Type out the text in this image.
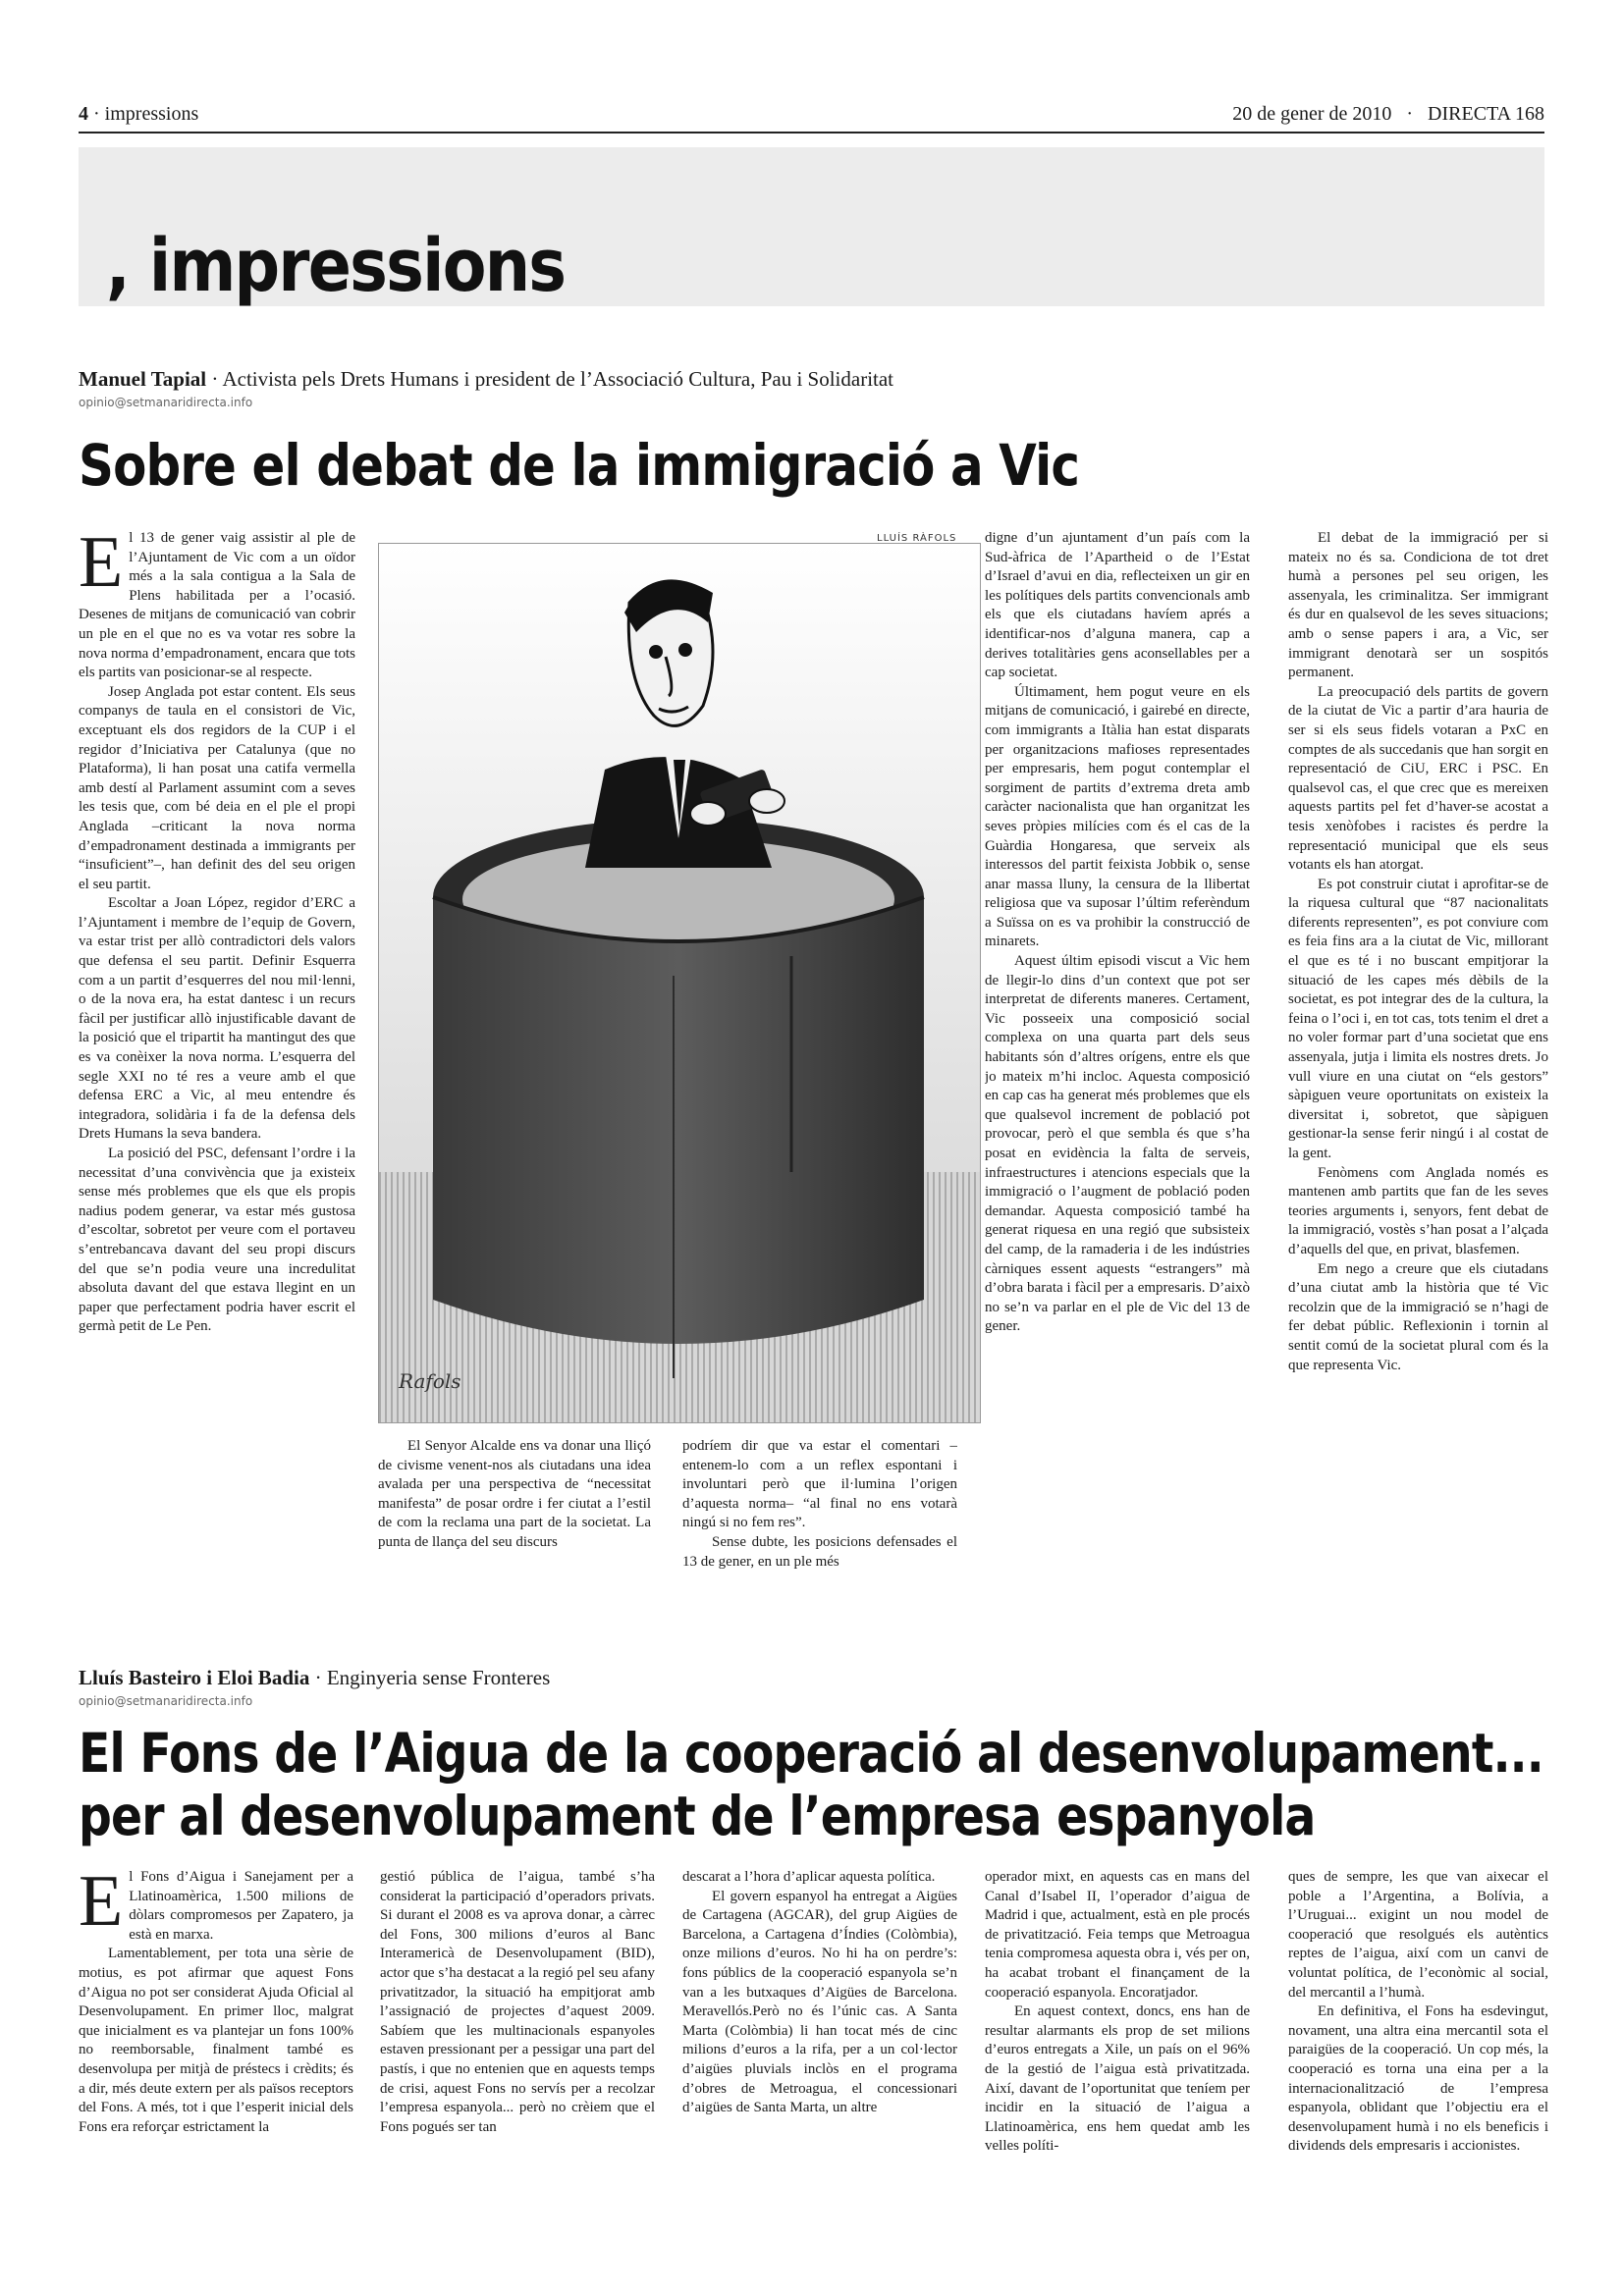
4 · impressions	20 de gener de 2010 · DIRECTA 168
, impressions
Manuel Tapial · Activista pels Drets Humans i president de l’Associació Cultura, Pau i Solidaritat
opinio@setmanaridirecta.info
Sobre el debat de la immigració a Vic
LLUÍS RÀFOLS
Rafols

El 13 de gener vaig assistir al ple de l’Ajuntament de Vic com a un oïdor més a la sala contigua a la Sala de Plens habilitada per a l’ocasió. Desenes de mitjans de comunicació van cobrir un ple en el que no es va votar res sobre la nova norma d’empadronament, encara que tots els partits van posicionar-se al respecte.

Josep Anglada pot estar content. Els seus companys de taula en el consistori de Vic, exceptuant els dos regidors de la CUP i el regidor d’Iniciativa per Catalunya (que no Plataforma), li han posat una catifa vermella amb destí al Parlament assumint com a seves les tesis que, com bé deia en el ple el propi Anglada –criticant la nova norma d’empadronament destinada a immigrants per “insuficient”–, han definit des del seu origen el seu partit.

Escoltar a Joan López, regidor d’ERC a l’Ajuntament i membre de l’equip de Govern, va estar trist per allò contradictori dels valors que defensa el seu partit. Definir Esquerra com a un partit d’esquerres del nou mil·lenni, o de la nova era, ha estat dantesc i un recurs fàcil per justificar allò injustificable davant de la posició que el tripartit ha mantingut des que es va conèixer la nova norma. L’esquerra del segle XXI no té res a veure amb el que defensa ERC a Vic, al meu entendre és integradora, solidària i fa de la defensa dels Drets Humans la seva bandera.

La posició del PSC, defensant l’ordre i la necessitat d’una convivència que ja existeix sense més problemes que els que els propis nadius podem generar, va estar més gustosa d’escoltar, sobretot per veure com el portaveu s’entrebancava davant del seu propi discurs del que se’n podia veure una incredulitat absoluta davant del que estava llegint en un paper que perfectament podria haver escrit el germà petit de Le Pen.

El Senyor Alcalde ens va donar una lliçó de civisme venent-nos als ciutadans una idea avalada per una perspectiva de “necessitat manifesta” de posar ordre i fer ciutat a l’estil de com la reclama una part de la societat. La punta de llança del seu discurs

podríem dir que va estar el comentari –entenem-lo com a un reflex espontani i involuntari però que il·lumina l’origen d’aquesta norma– “al final no ens votarà ningú si no fem res”.

Sense dubte, les posicions defensades el 13 de gener, en un ple més

digne d’un ajuntament d’un país com la Sud-àfrica de l’Apartheid o de l’Estat d’Israel d’avui en dia, reflecteixen un gir en les polítiques dels partits convencionals amb els que els ciutadans havíem aprés a identificar-nos d’alguna manera, cap a derives totalitàries gens aconsellables per a cap societat.

Últimament, hem pogut veure en els mitjans de comunicació, i gairebé en directe, com immigrants a Itàlia han estat disparats per organitzacions mafioses representades per empresaris, hem pogut contemplar el sorgiment de partits d’extrema dreta amb caràcter nacionalista que han organitzat les seves pròpies milícies com és el cas de la Guàrdia Hongaresa, que serveix als interessos del partit feixista Jobbik o, sense anar massa lluny, la censura de la llibertat religiosa que va suposar l’últim referèndum a Suïssa on es va prohibir la construcció de minarets.

Aquest últim episodi viscut a Vic hem de llegir-lo dins d’un context que pot ser interpretat de diferents maneres. Certament, Vic posseeix una composició social complexa on una quarta part dels seus habitants són d’altres orígens, entre els que jo mateix m’hi incloc. Aquesta composició en cap cas ha generat més problemes que els que qualsevol increment de població pot provocar, però el que sembla és que s’ha posat en evidència la falta de serveis, infraestructures i atencions especials que la immigració o l’augment de població poden demandar. Aquesta composició també ha generat riquesa en una regió que subsisteix del camp, de la ramaderia i de les indústries càrniques essent aquests “estrangers” mà d’obra barata i fàcil per a empresaris. D’això no se’n va parlar en el ple de Vic del 13 de gener.

El debat de la immigració per si mateix no és sa. Condiciona de tot dret humà a persones pel seu origen, les assenyala, les criminalitza. Ser immigrant és dur en qualsevol de les seves situacions; amb o sense papers i ara, a Vic, ser immigrant denotarà ser un sospitós permanent.

La preocupació dels partits de govern de la ciutat de Vic a partir d’ara hauria de ser si els seus fidels votaran a PxC en comptes de als succedanis que han sorgit en representació de CiU, ERC i PSC. En qualsevol cas, el que crec que es mereixen aquests partits pel fet d’haver-se acostat a tesis xenòfobes i racistes és perdre la representació municipal que els seus votants els han atorgat.

Es pot construir ciutat i aprofitar-se de la riquesa cultural que “87 nacionalitats diferents representen”, es pot conviure com es feia fins ara a la ciutat de Vic, millorant el que es té i no buscant empitjorar la situació de les capes més dèbils de la societat, es pot integrar des de la cultura, la feina o l’oci i, en tot cas, tots tenim el dret a no voler formar part d’una societat que ens assenyala, jutja i limita els nostres drets. Jo vull viure en una ciutat on “els gestors” sàpiguen veure oportunitats on existeix la diversitat i, sobretot, que sàpiguen gestionar-la sense ferir ningú i al costat de la gent.

Fenòmens com Anglada només es mantenen amb partits que fan de les seves teories arguments i, senyors, fent debat de la immigració, vostès s’han posat a l’alçada d’aquells del que, en privat, blasfemen.

Em nego a creure que els ciutadans d’una ciutat amb la història que té Vic recolzin que de la immigració se n’hagi de fer debat públic. Reflexionin i tornin al sentit comú de la societat plural com és la que representa Vic.

Lluís Basteiro i Eloi Badia · Enginyeria sense Fronteres
opinio@setmanaridirecta.info
El Fons de l’Aigua de la cooperació al desenvolupament...
per al desenvolupament de l’empresa espanyola

El Fons d’Aigua i Sanejament per a Llatinoamèrica, 1.500 milions de dòlars compromesos per Zapatero, ja està en marxa.

Lamentablement, per tota una sèrie de motius, es pot afirmar que aquest Fons d’Aigua no pot ser considerat Ajuda Oficial al Desenvolupament. En primer lloc, malgrat que inicialment es va plantejar un fons 100% no reemborsable, finalment també es desenvolupa per mitjà de préstecs i crèdits; és a dir, més deute extern per als països receptors del Fons. A més, tot i que l’esperit inicial dels Fons era reforçar estrictament la

gestió pública de l’aigua, també s’ha considerat la participació d’operadors privats. Si durant el 2008 es va aprova donar, a càrrec del Fons, 300 milions d’euros al Banc Interamericà de Desenvolupament (BID), actor que s’ha destacat a la regió pel seu afany privatitzador, la situació ha empitjorat amb l’assignació de projectes d’aquest 2009. Sabíem que les multinacionals espanyoles estaven pressionant per a pessigar una part del pastís, i que no entenien que en aquests temps de crisi, aquest Fons no servís per a recolzar l’empresa espanyola... però no crèiem que el Fons pogués ser tan

descarat a l’hora d’aplicar aquesta política.

El govern espanyol ha entregat a Aigües de Cartagena (AGCAR), del grup Aigües de Barcelona, a Cartagena d’Índies (Colòmbia), onze milions d’euros. No hi ha on perdre’s: fons públics de la cooperació espanyola se’n van a les butxaques d’Aigües de Barcelona. Meravellós.Però no és l’únic cas. A Santa Marta (Colòmbia) li han tocat més de cinc milions d’euros a la rifa, per a un col·lector d’aigües pluvials inclòs en el programa d’obres de Metroagua, el concessionari d’aigües de Santa Marta, un altre

operador mixt, en aquests cas en mans del Canal d’Isabel II, l’operador d’aigua de Madrid i que, actualment, està en ple procés de privatització. Feia temps que Metroagua tenia compromesa aquesta obra i, vés per on, ha acabat trobant el finançament de la cooperació espanyola. Encoratjador.

En aquest context, doncs, ens han de resultar alarmants els prop de set milions d’euros entregats a Xile, un país on el 96% de la gestió de l’aigua està privatitzada. Així, davant de l’oportunitat que teníem per incidir en la situació de l’aigua a Llatinoamèrica, ens hem quedat amb les velles políti-

ques de sempre, les que van aixecar el poble a l’Argentina, a Bolívia, a l’Uruguai... exigint un nou model de cooperació que resolgués els autèntics reptes de l’aigua, així com un canvi de voluntat política, de l’econòmic al social, del mercantil a l’humà.

En definitiva, el Fons ha esdevingut, novament, una altra eina mercantil sota el paraigües de la cooperació. Un cop més, la cooperació es torna una eina per a la internacionalització de l’empresa espanyola, oblidant que l’objectiu era el desenvolupament humà i no els beneficis i dividends dels empresaris i accionistes.
